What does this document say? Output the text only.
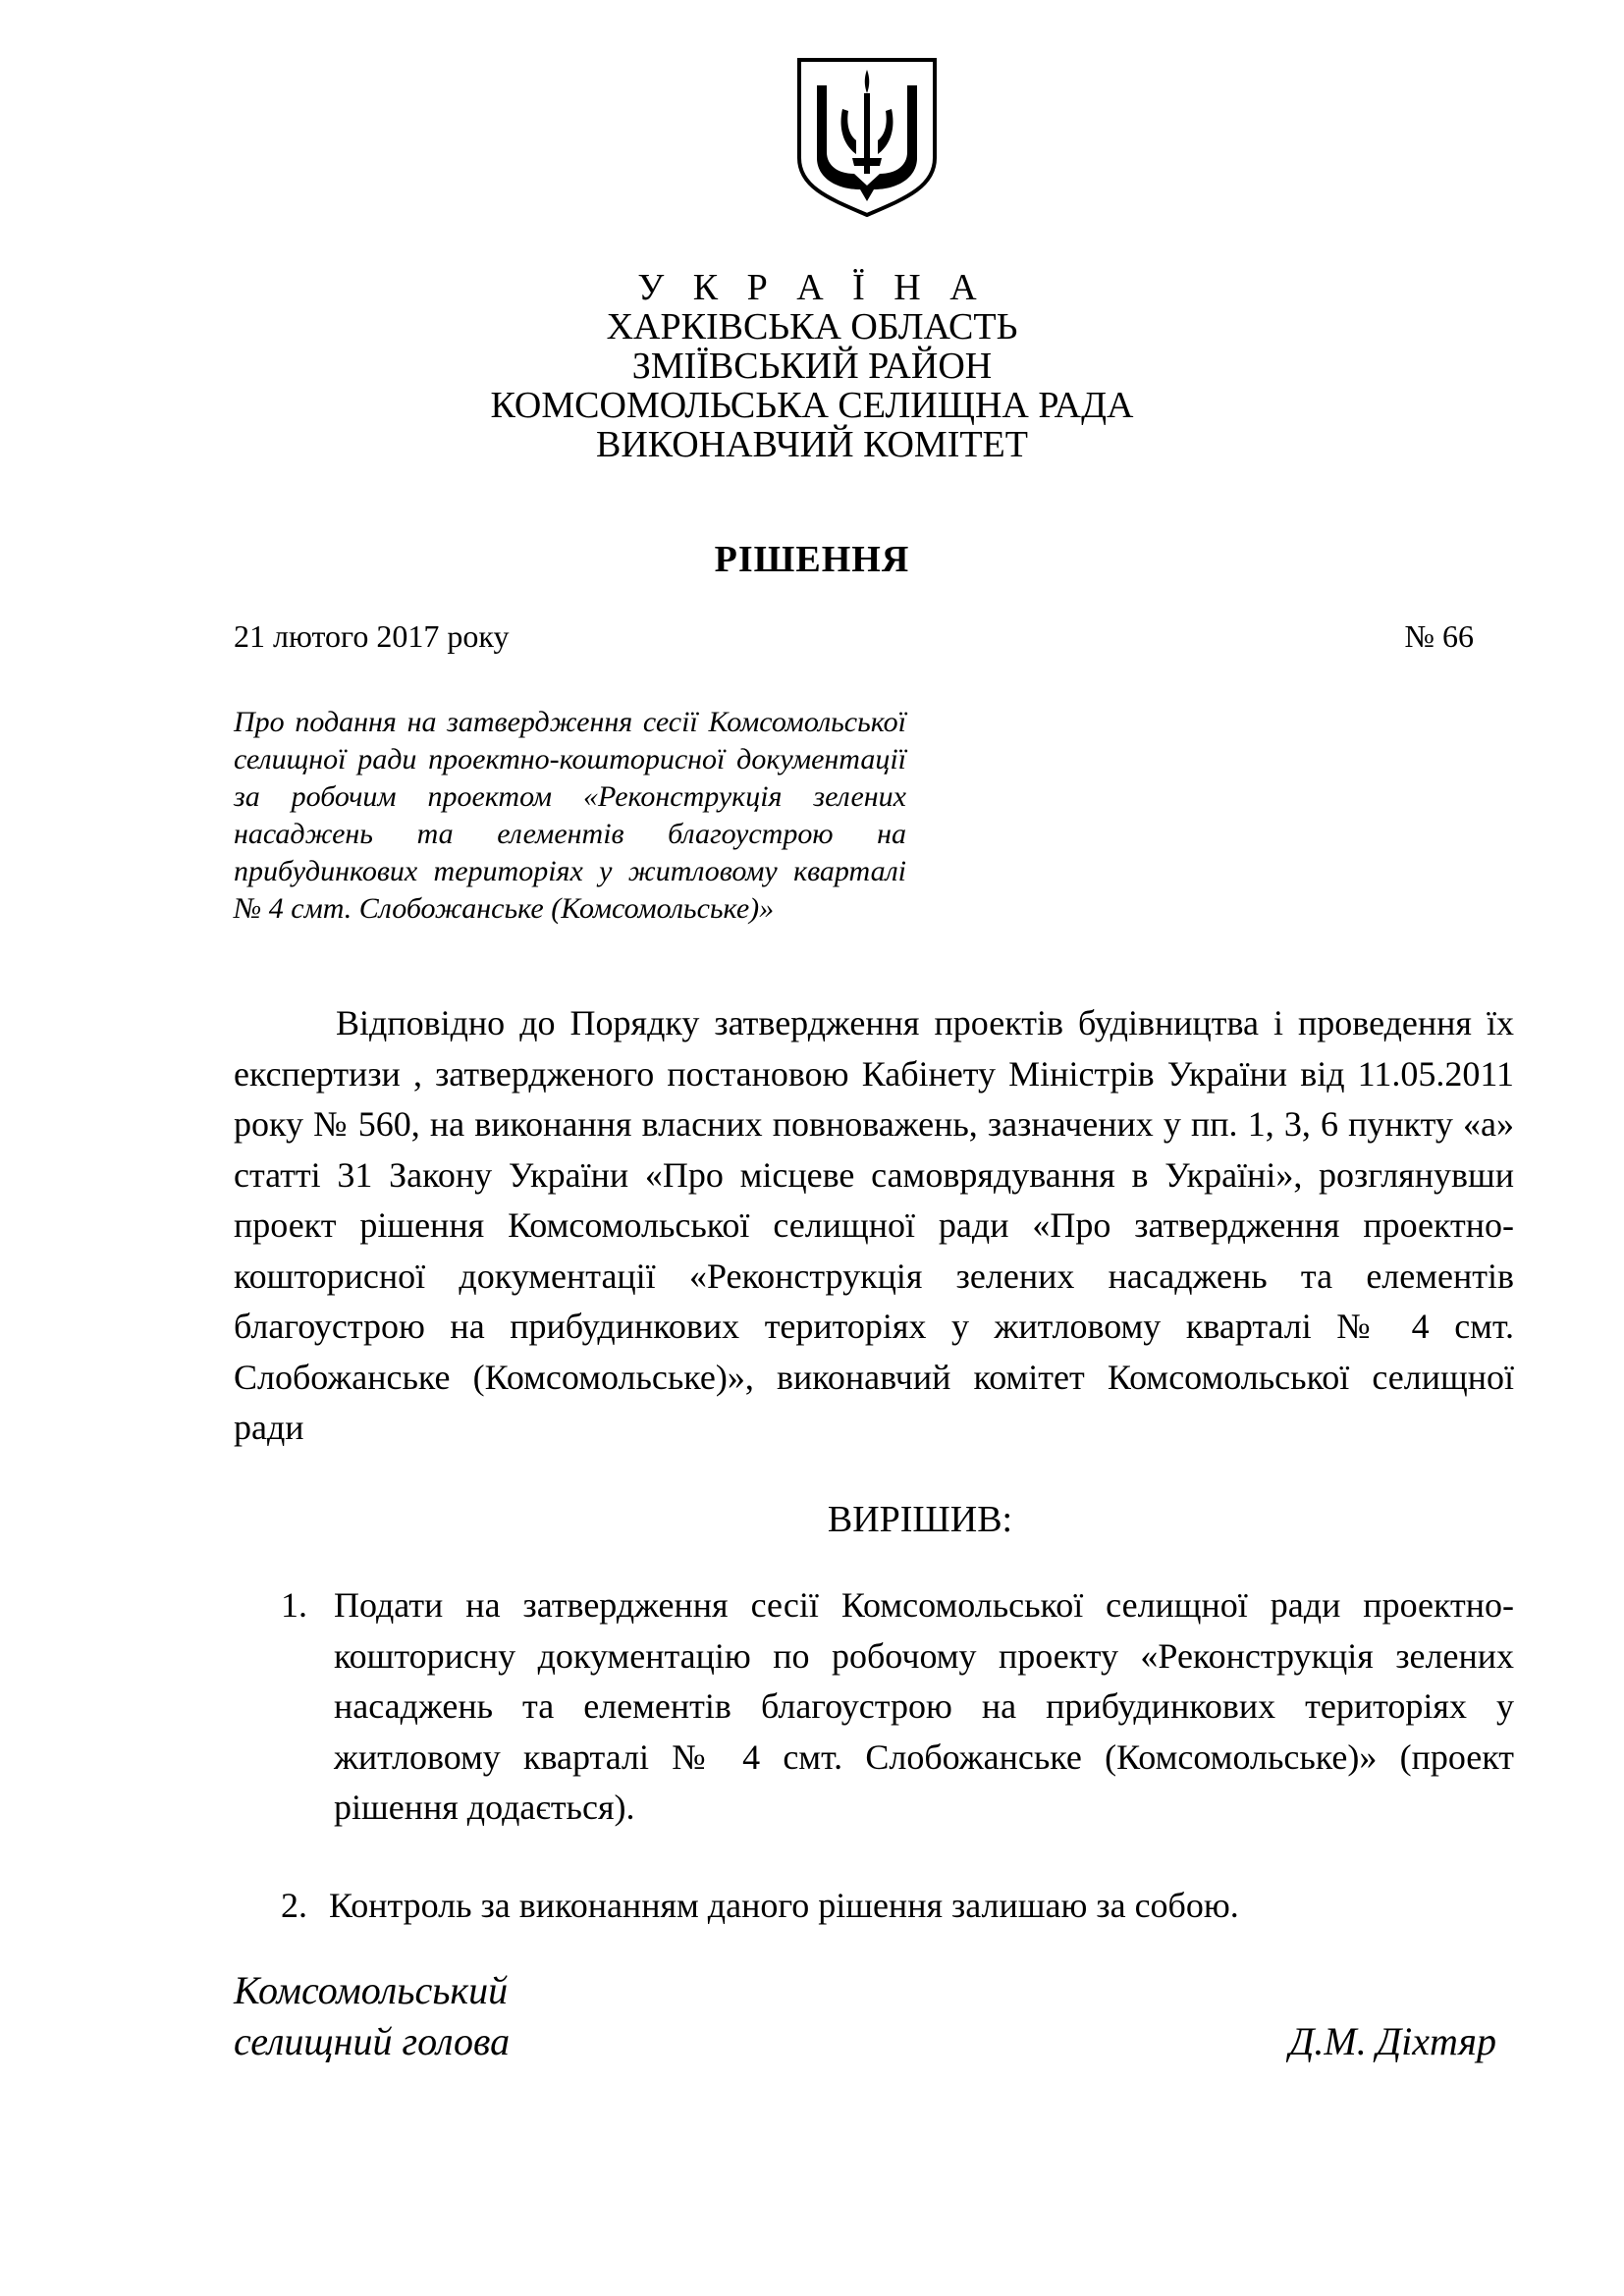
У К Р А Ї Н А
ХАРКІВСЬКА ОБЛАСТЬ
ЗМІЇВСЬКИЙ РАЙОН
КОМСОМОЛЬСЬКА СЕЛИЩНА РАДА
ВИКОНАВЧИЙ КОМІТЕТ
РІШЕННЯ
21 лютого 2017 року	№ 66
Про подання на затвердження сесії Комсомольської селищної ради проектно-кошторисної документації за робочим проектом «Реконструкція зелених насаджень та елементів благоустрою на прибудинкових територіях у житловому кварталі № 4 смт. Слобожанське (Комсомольське)»
Відповідно до Порядку затвердження проектів будівництва і проведення їх експертизи , затвердженого постановою Кабінету Міністрів України від 11.05.2011 року № 560, на виконання власних повноважень, зазначених у пп. 1, 3, 6 пункту «а» статті 31 Закону України «Про місцеве самоврядування в Україні», розглянувши проект рішення Комсомольської селищної ради «Про затвердження проектно-кошторисної документації «Реконструкція зелених насаджень та елементів благоустрою на прибудинкових територіях у житловому кварталі № 4 смт. Слобожанське (Комсомольське)», виконавчий комітет Комсомольської селищної ради
ВИРІШИВ:
1. Подати на затвердження сесії Комсомольської селищної ради проектно-кошторисну документацію по робочому проекту «Реконструкція зелених насаджень та елементів благоустрою на прибудинкових територіях у житловому кварталі № 4 смт. Слобожанське (Комсомольське)» (проект рішення додається).
2. Контроль за виконанням даного рішення залишаю за собою.
Комсомольський
селищний голова	Д.М. Діхтяр
